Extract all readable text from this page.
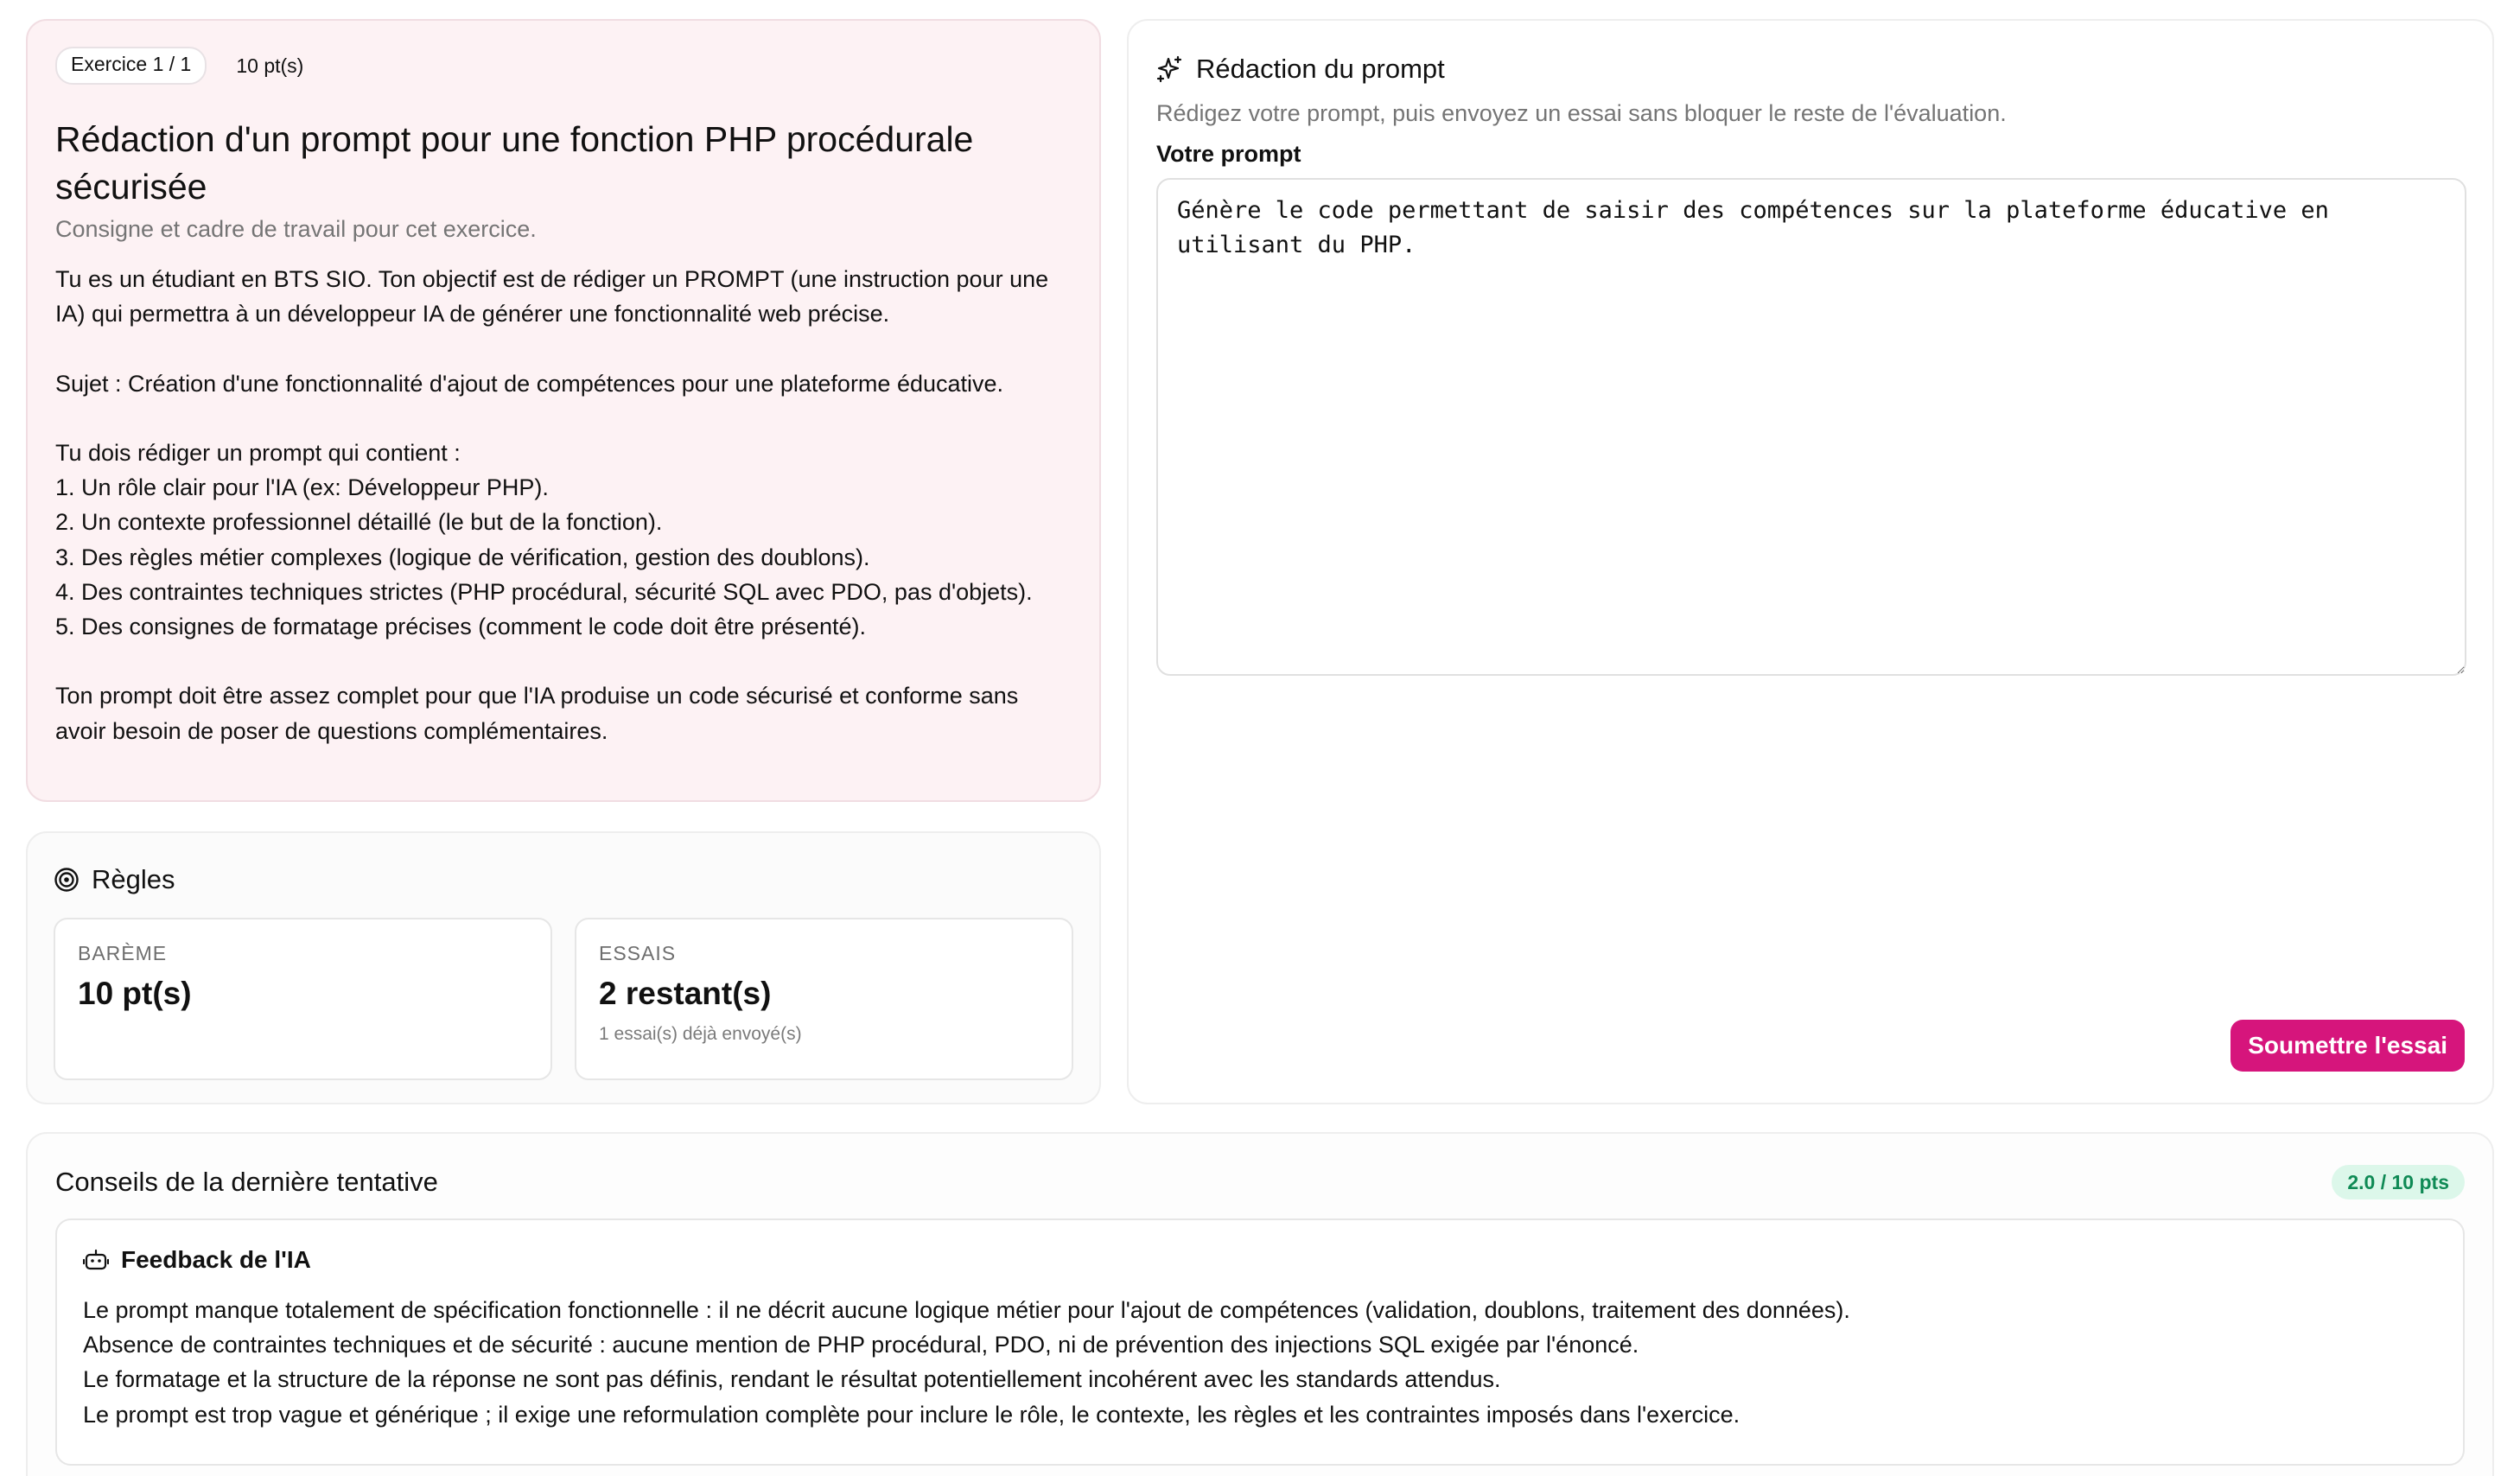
Exercice 1 / 1	10 pt(s)
Rédaction d'un prompt pour une fonction PHP procédurale sécurisée
Consigne et cadre de travail pour cet exercice.
Tu es un étudiant en BTS SIO. Ton objectif est de rédiger un PROMPT (une instruction pour une IA) qui permettra à un développeur IA de générer une fonctionnalité web précise.

Sujet : Création d'une fonctionnalité d'ajout de compétences pour une plateforme éducative.

Tu dois rédiger un prompt qui contient :
1. Un rôle clair pour l'IA (ex: Développeur PHP).
2. Un contexte professionnel détaillé (le but de la fonction).
3. Des règles métier complexes (logique de vérification, gestion des doublons).
4. Des contraintes techniques strictes (PHP procédural, sécurité SQL avec PDO, pas d'objets).
5. Des consignes de formatage précises (comment le code doit être présenté).

Ton prompt doit être assez complet pour que l'IA produise un code sécurisé et conforme sans avoir besoin de poser de questions complémentaires.
Règles
BARÈME
10 pt(s)
ESSAIS
2 restant(s)
1 essai(s) déjà envoyé(s)
Rédaction du prompt
Rédigez votre prompt, puis envoyez un essai sans bloquer le reste de l'évaluation.
Votre prompt
Génère le code permettant de saisir des compétences sur la plateforme éducative en utilisant du PHP.
Soumettre l'essai
Conseils de la dernière tentative	2.0 / 10 pts
Feedback de l'IA
Le prompt manque totalement de spécification fonctionnelle : il ne décrit aucune logique métier pour l'ajout de compétences (validation, doublons, traitement des données).
Absence de contraintes techniques et de sécurité : aucune mention de PHP procédural, PDO, ni de prévention des injections SQL exigée par l'énoncé.
Le formatage et la structure de la réponse ne sont pas définis, rendant le résultat potentiellement incohérent avec les standards attendus.
Le prompt est trop vague et générique ; il exige une reformulation complète pour inclure le rôle, le contexte, les règles et les contraintes imposés dans l'exercice.
